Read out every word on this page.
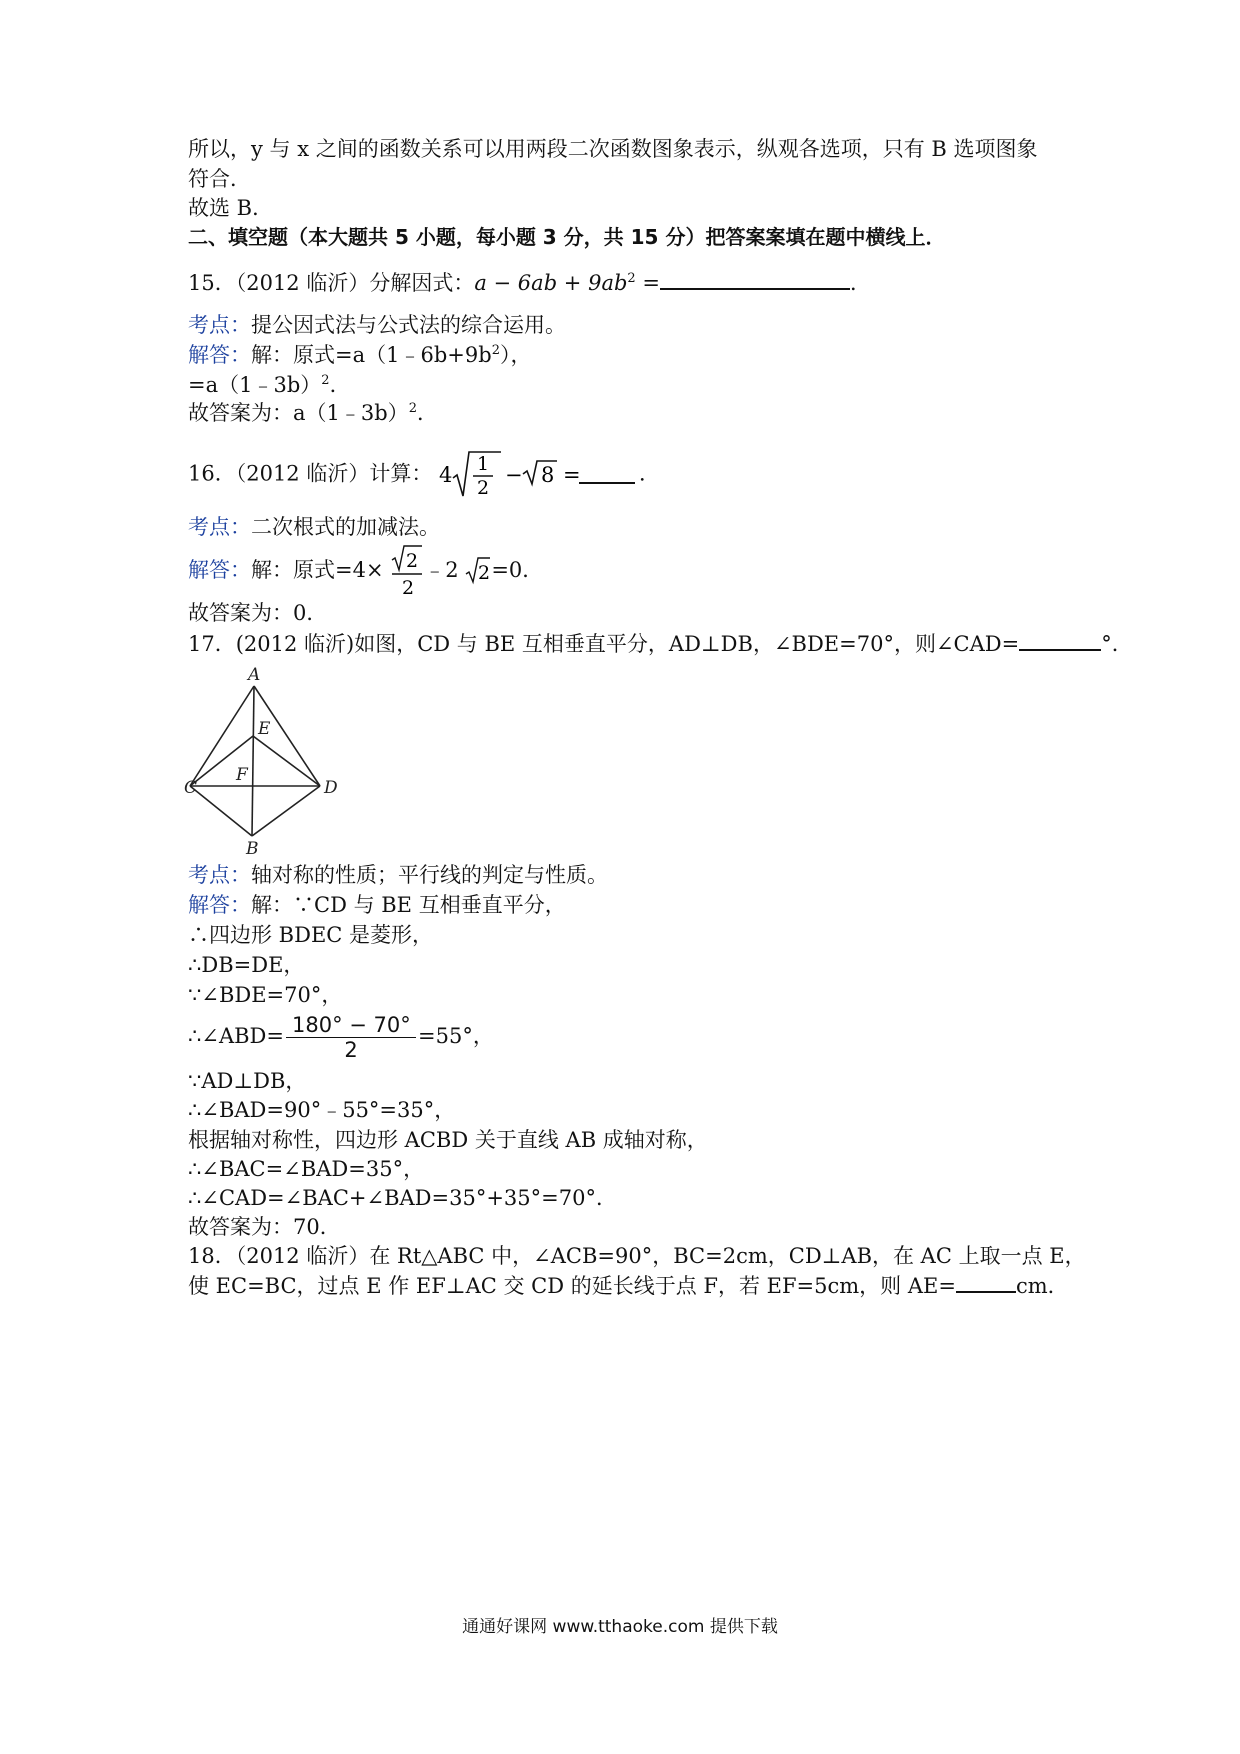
所以，y 与 x 之间的函数关系可以用两段二次函数图象表示，纵观各选项，只有 B 选项图象
符合．
故选 B．
二、填空题（本大题共 5 小题，每小题 3 分，共 15 分）把答案案填在题中横线上．
15．（2012 临沂）分解因式：$a - 6ab + 9ab^2$ =	．
考点：提公因式法与公式法的综合运用。
解答：解：原式$=a(1﹣6b+9b^2)$，
=a（1﹣3b）$^2$．
故答案为：a（1﹣3b）$^2$．
16．（2012 临沂）计算： 4 1
2
− 8 =	．
考点：二次根式的加减法。
解答：解：原式=4× 2
2
﹣2 2 =0．
故答案为：0．
17．(2012 临沂)如图，CD 与 BE 互相垂直平分，AD⊥DB，∠BDE=70°，则∠CAD=	°．
A
E
F
C	D
B
考点：轴对称的性质；平行线的判定与性质。
解答：解：∵CD 与 BE 互相垂直平分，
∴四边形 BDEC 是菱形，
∴DB=DE，
∵∠BDE=70°，
∴∠ABD= $\frac{180^\circ - 70^\circ}{2} =55^\circ$，
∵AD⊥DB，
∴∠BAD=90°﹣55°=35°，
根据轴对称性，四边形 ACBD 关于直线 AB 成轴对称，
∴∠BAC=∠BAD=35°，
∴∠CAD=∠BAC+∠BAD=35°+35°=70°．
故答案为：70．
18．（2012 临沂）在 Rt△ABC 中，∠ACB=90°，BC=2cm，CD⊥AB，在 AC 上取一点 E，
使 EC=BC，过点 E 作 EF⊥AC 交 CD 的延长线于点 F，若 EF=5cm，则 AE=	cm．
通通好课网 www.tthaoke.com 提供下载
